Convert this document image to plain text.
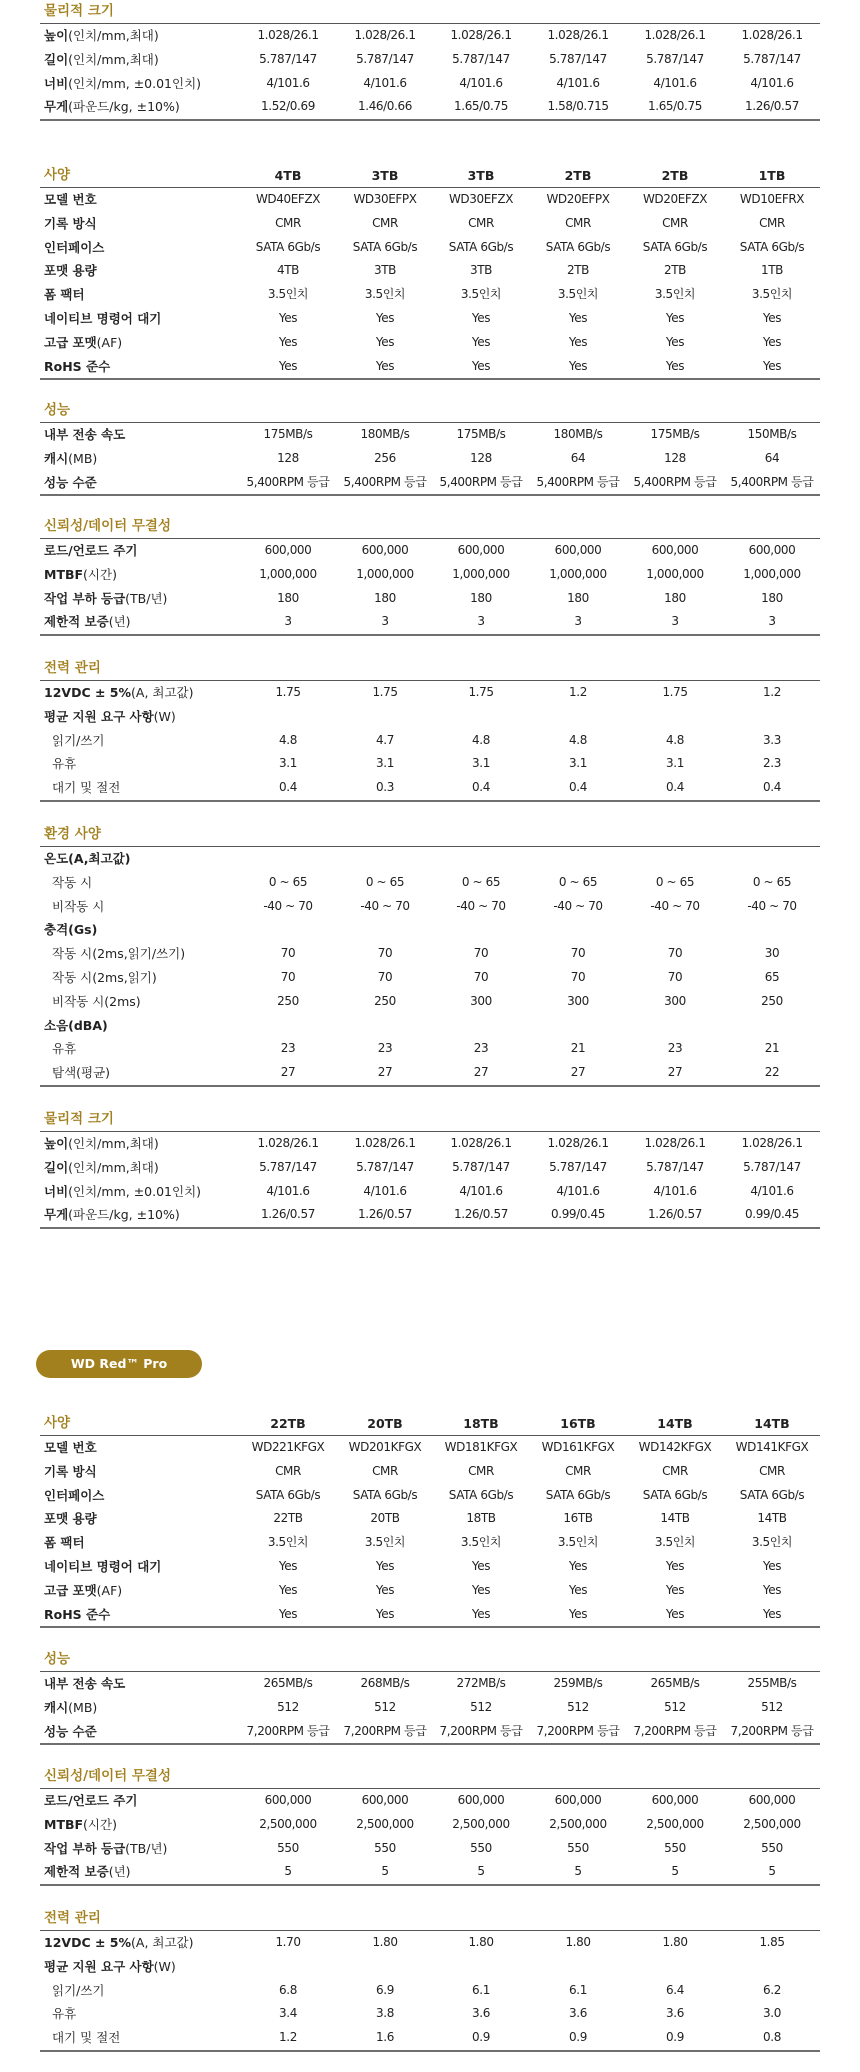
물리적 크기
높이(인치/mm,최대)	1.028/26.1	1.028/26.1	1.028/26.1	1.028/26.1	1.028/26.1	1.028/26.1
길이(인치/mm,최대)	5.787/147	5.787/147	5.787/147	5.787/147	5.787/147	5.787/147
너비(인치/mm, ±0.01인치)	4/101.6	4/101.6	4/101.6	4/101.6	4/101.6	4/101.6
무게(파운드/kg, ±10%)	1.52/0.69	1.46/0.66	1.65/0.75	1.58/0.715	1.65/0.75	1.26/0.57
사양	4TB	3TB	3TB	2TB	2TB	1TB
모델 번호	WD40EFZX	WD30EFPX	WD30EFZX	WD20EFPX	WD20EFZX	WD10EFRX
기록 방식	CMR	CMR	CMR	CMR	CMR	CMR
인터페이스	SATA 6Gb/s	SATA 6Gb/s	SATA 6Gb/s	SATA 6Gb/s	SATA 6Gb/s	SATA 6Gb/s
포맷 용량	4TB	3TB	3TB	2TB	2TB	1TB
폼 팩터	3.5인치	3.5인치	3.5인치	3.5인치	3.5인치	3.5인치
네이티브 명령어 대기	Yes	Yes	Yes	Yes	Yes	Yes
고급 포맷(AF)	Yes	Yes	Yes	Yes	Yes	Yes
RoHS 준수	Yes	Yes	Yes	Yes	Yes	Yes
성능
내부 전송 속도	175MB/s	180MB/s	175MB/s	180MB/s	175MB/s	150MB/s
캐시(MB)	128	256	128	64	128	64
성능 수준	5,400RPM 등급	5,400RPM 등급	5,400RPM 등급	5,400RPM 등급	5,400RPM 등급	5,400RPM 등급
신뢰성/데이터 무결성
로드/언로드 주기	600,000	600,000	600,000	600,000	600,000	600,000
MTBF(시간)	1,000,000	1,000,000	1,000,000	1,000,000	1,000,000	1,000,000
작업 부하 등급(TB/년)	180	180	180	180	180	180
제한적 보증(년)	3	3	3	3	3	3
전력 관리
12VDC ± 5%(A, 최고값)	1.75	1.75	1.75	1.2	1.75	1.2
평균 지원 요구 사항(W)
읽기/쓰기	4.8	4.7	4.8	4.8	4.8	3.3
유휴	3.1	3.1	3.1	3.1	3.1	2.3
대기 및 절전	0.4	0.3	0.4	0.4	0.4	0.4
환경 사양
온도(A,최고값)
작동 시	0 ~ 65	0 ~ 65	0 ~ 65	0 ~ 65	0 ~ 65	0 ~ 65
비작동 시	-40 ~ 70	-40 ~ 70	-40 ~ 70	-40 ~ 70	-40 ~ 70	-40 ~ 70
충격(Gs)
작동 시(2ms,읽기/쓰기)	70	70	70	70	70	30
작동 시(2ms,읽기)	70	70	70	70	70	65
비작동 시(2ms)	250	250	300	300	300	250
소음(dBA)
유휴	23	23	23	21	23	21
탐색(평균)	27	27	27	27	27	22
물리적 크기
높이(인치/mm,최대)	1.028/26.1	1.028/26.1	1.028/26.1	1.028/26.1	1.028/26.1	1.028/26.1
길이(인치/mm,최대)	5.787/147	5.787/147	5.787/147	5.787/147	5.787/147	5.787/147
너비(인치/mm, ±0.01인치)	4/101.6	4/101.6	4/101.6	4/101.6	4/101.6	4/101.6
무게(파운드/kg, ±10%)	1.26/0.57	1.26/0.57	1.26/0.57	0.99/0.45	1.26/0.57	0.99/0.45
WD Red™ Pro
사양	22TB	20TB	18TB	16TB	14TB	14TB
모델 번호	WD221KFGX	WD201KFGX	WD181KFGX	WD161KFGX	WD142KFGX	WD141KFGX
기록 방식	CMR	CMR	CMR	CMR	CMR	CMR
인터페이스	SATA 6Gb/s	SATA 6Gb/s	SATA 6Gb/s	SATA 6Gb/s	SATA 6Gb/s	SATA 6Gb/s
포맷 용량	22TB	20TB	18TB	16TB	14TB	14TB
폼 팩터	3.5인치	3.5인치	3.5인치	3.5인치	3.5인치	3.5인치
네이티브 명령어 대기	Yes	Yes	Yes	Yes	Yes	Yes
고급 포맷(AF)	Yes	Yes	Yes	Yes	Yes	Yes
RoHS 준수	Yes	Yes	Yes	Yes	Yes	Yes
성능
내부 전송 속도	265MB/s	268MB/s	272MB/s	259MB/s	265MB/s	255MB/s
캐시(MB)	512	512	512	512	512	512
성능 수준	7,200RPM 등급	7,200RPM 등급	7,200RPM 등급	7,200RPM 등급	7,200RPM 등급	7,200RPM 등급
신뢰성/데이터 무결성
로드/언로드 주기	600,000	600,000	600,000	600,000	600,000	600,000
MTBF(시간)	2,500,000	2,500,000	2,500,000	2,500,000	2,500,000	2,500,000
작업 부하 등급(TB/년)	550	550	550	550	550	550
제한적 보증(년)	5	5	5	5	5	5
전력 관리
12VDC ± 5%(A, 최고값)	1.70	1.80	1.80	1.80	1.80	1.85
평균 지원 요구 사항(W)
읽기/쓰기	6.8	6.9	6.1	6.1	6.4	6.2
유휴	3.4	3.8	3.6	3.6	3.6	3.0
대기 및 절전	1.2	1.6	0.9	0.9	0.9	0.8
